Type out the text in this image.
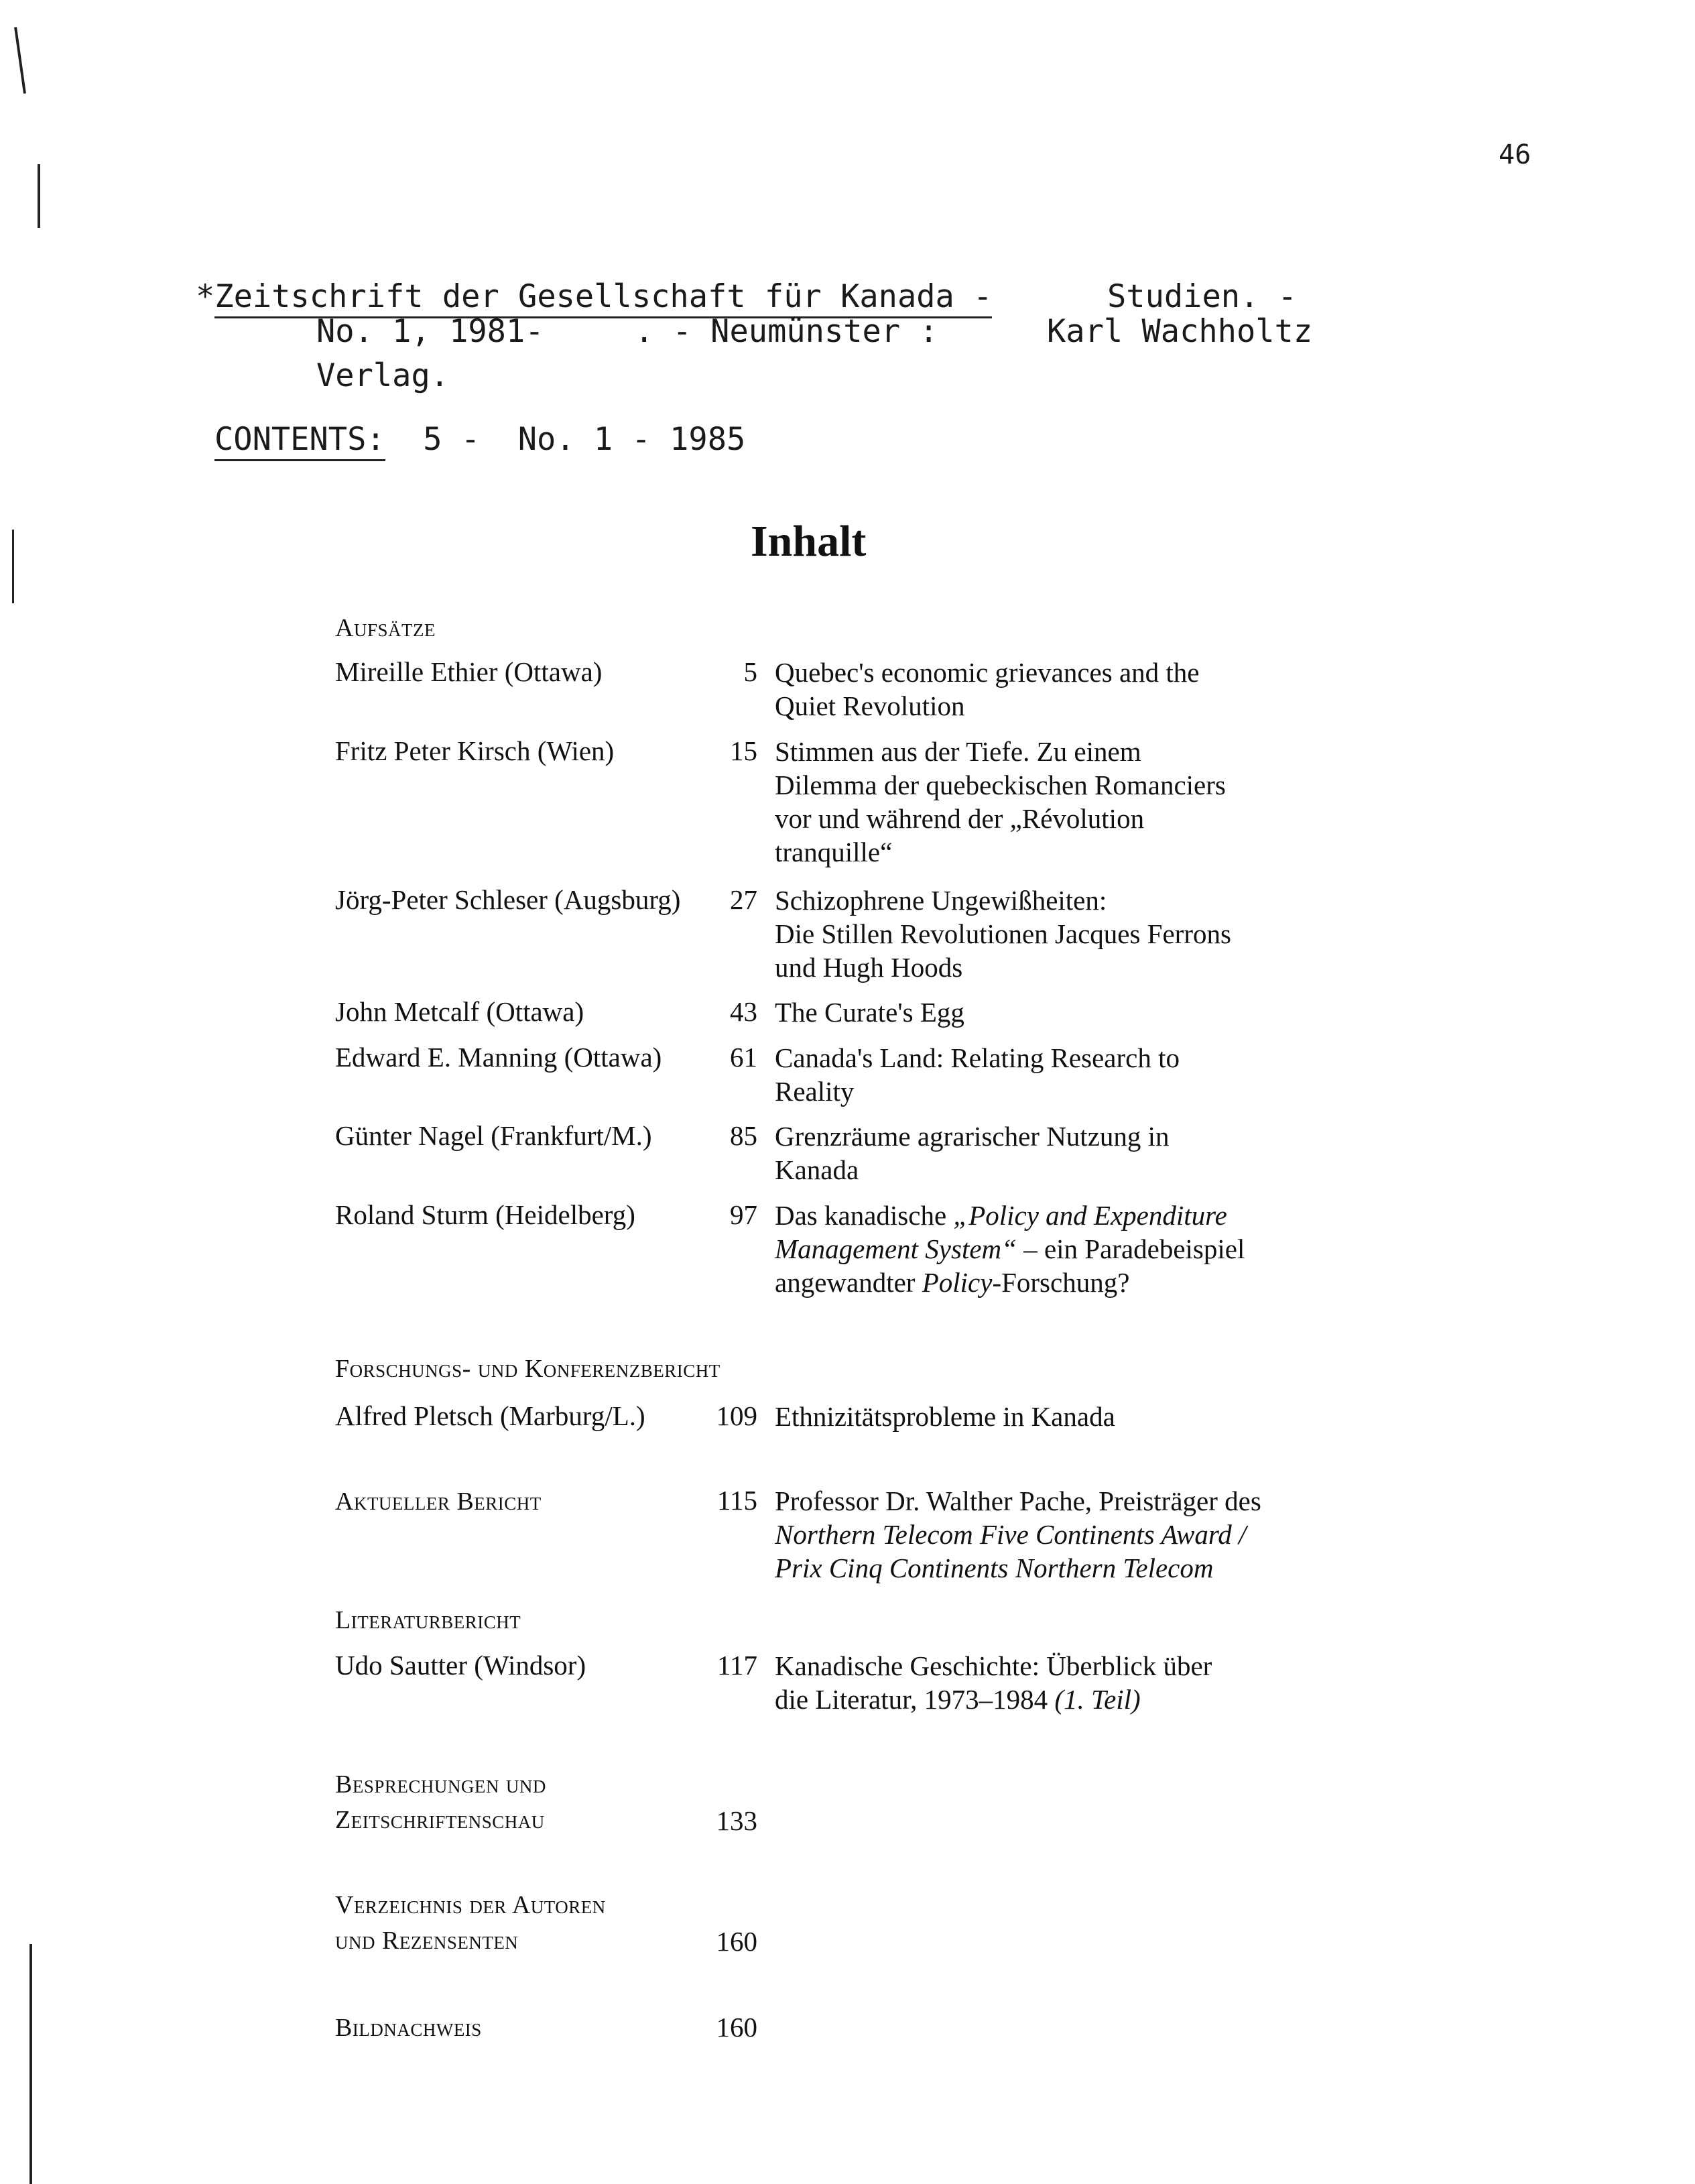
46

*Zeitschrift der Gesellschaft für Kanada -

	Studien. -

No. 1, 1981-

	. - Neumünster :

	Karl Wachholtz

Verlag.

CONTENTS: 5 -  No. 1 - 1985
Inhalt
Aufsätze
Mireille Ethier (Ottawa)	5 Quebec's economic grievances and the
Quiet Revolution
Fritz Peter Kirsch (Wien)	15 Stimmen aus der Tiefe. Zu einem
Dilemma der quebeckischen Romanciers
vor und während der „Révolution
tranquille“
Jörg-Peter Schleser (Augsburg)	27 Schizophrene Ungewißheiten:
Die Stillen Revolutionen Jacques Ferrons
und Hugh Hoods
John Metcalf (Ottawa)	43 The Curate's Egg
Edward E. Manning (Ottawa)	61 Canada's Land: Relating Research to
Reality
Günter Nagel (Frankfurt/M.)	85 Grenzräume agrarischer Nutzung in
Kanada
Roland Sturm (Heidelberg)	97 Das kanadische „Policy and Expenditure
Management System“ – ein Paradebeispiel
angewandter Policy-Forschung?
Forschungs- und Konferenzbericht
Alfred Pletsch (Marburg/L.)	109 Ethnizitätsprobleme in Kanada
Aktueller Bericht	115 Professor Dr. Walther Pache, Preisträger des
Northern Telecom Five Continents Award /
Prix Cinq Continents Northern Telecom
Literaturbericht
Udo Sautter (Windsor)	117 Kanadische Geschichte: Überblick über
die Literatur, 1973–1984 (1. Teil)
Besprechungen und
Zeitschriftenschau	133
Verzeichnis der Autoren
und Rezensenten	160
Bildnachweis	160
